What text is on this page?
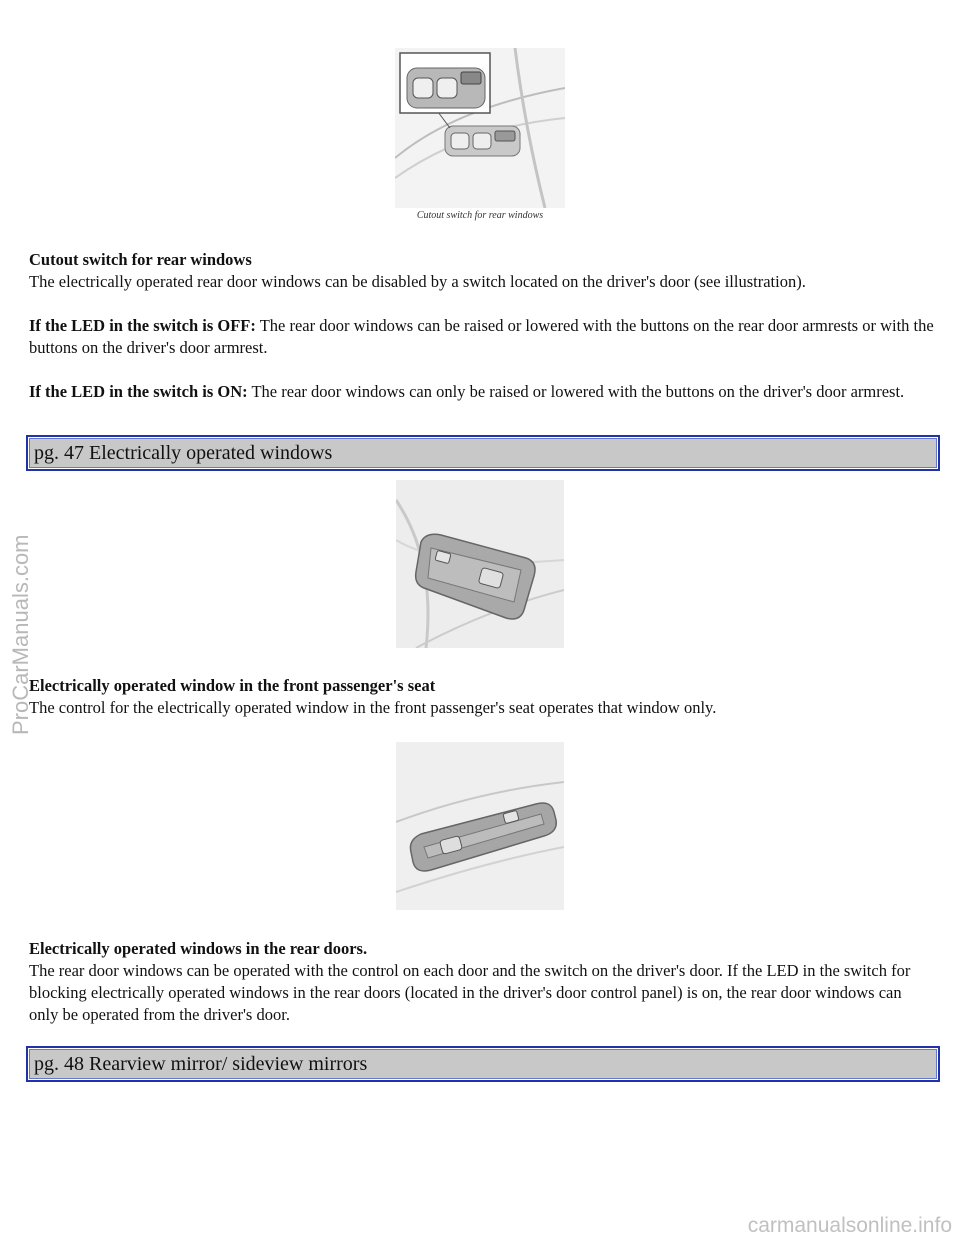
Cutout switch for rear windows

Cutout switch for rear windows

The electrically operated rear door windows can be disabled by a switch located on the driver's door (see illustration).

If the LED in the switch is OFF: The rear door windows can be raised or lowered with the buttons on the rear door armrests or with the buttons on the driver's door armrest.

If the LED in the switch is ON: The rear door windows can only be raised or lowered with the buttons on the driver's door armrest.

pg. 47 Electrically operated windows

Electrically operated window in the front passenger's seat

The control for the electrically operated window in the front passenger's seat operates that window only.

Electrically operated windows in the rear doors.

The rear door windows can be operated with the control on each door and the switch on the driver's door. If the LED in the switch for blocking electrically operated windows in the rear doors (located in the driver's door control panel) is on, the rear door windows can only be operated from the driver's door.

pg. 48 Rearview mirror/ sideview mirrors
ProCarManuals.com
carmanualsonline.info
